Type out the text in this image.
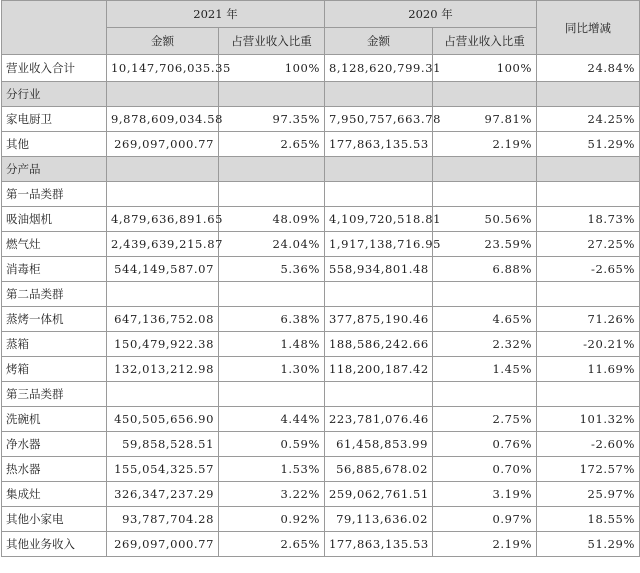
	2021 年		2020 年		同比增减
	金额	占营业收入比重	金额	占营业收入比重	
营业收入合计	10,147,706,035.35	100%	8,128,620,799.31	100%	24.84%
分行业					
家电厨卫	9,878,609,034.58	97.35%	7,950,757,663.78	97.81%	24.25%
其他	269,097,000.77	2.65%	177,863,135.53	2.19%	51.29%
分产品					
第一品类群					
吸油烟机	4,879,636,891.65	48.09%	4,109,720,518.81	50.56%	18.73%
燃气灶	2,439,639,215.87	24.04%	1,917,138,716.95	23.59%	27.25%
消毒柜	544,149,587.07	5.36%	558,934,801.48	6.88%	-2.65%
第二品类群					
蒸烤一体机	647,136,752.08	6.38%	377,875,190.46	4.65%	71.26%
蒸箱	150,479,922.38	1.48%	188,586,242.66	2.32%	-20.21%
烤箱	132,013,212.98	1.30%	118,200,187.42	1.45%	11.69%
第三品类群					
洗碗机	450,505,656.90	4.44%	223,781,076.46	2.75%	101.32%
净水器	59,858,528.51	0.59%	61,458,853.99	0.76%	-2.60%
热水器	155,054,325.57	1.53%	56,885,678.02	0.70%	172.57%
集成灶	326,347,237.29	3.22%	259,062,761.51	3.19%	25.97%
其他小家电	93,787,704.28	0.92%	79,113,636.02	0.97%	18.55%
其他业务收入	269,097,000.77	2.65%	177,863,135.53	2.19%	51.29%
